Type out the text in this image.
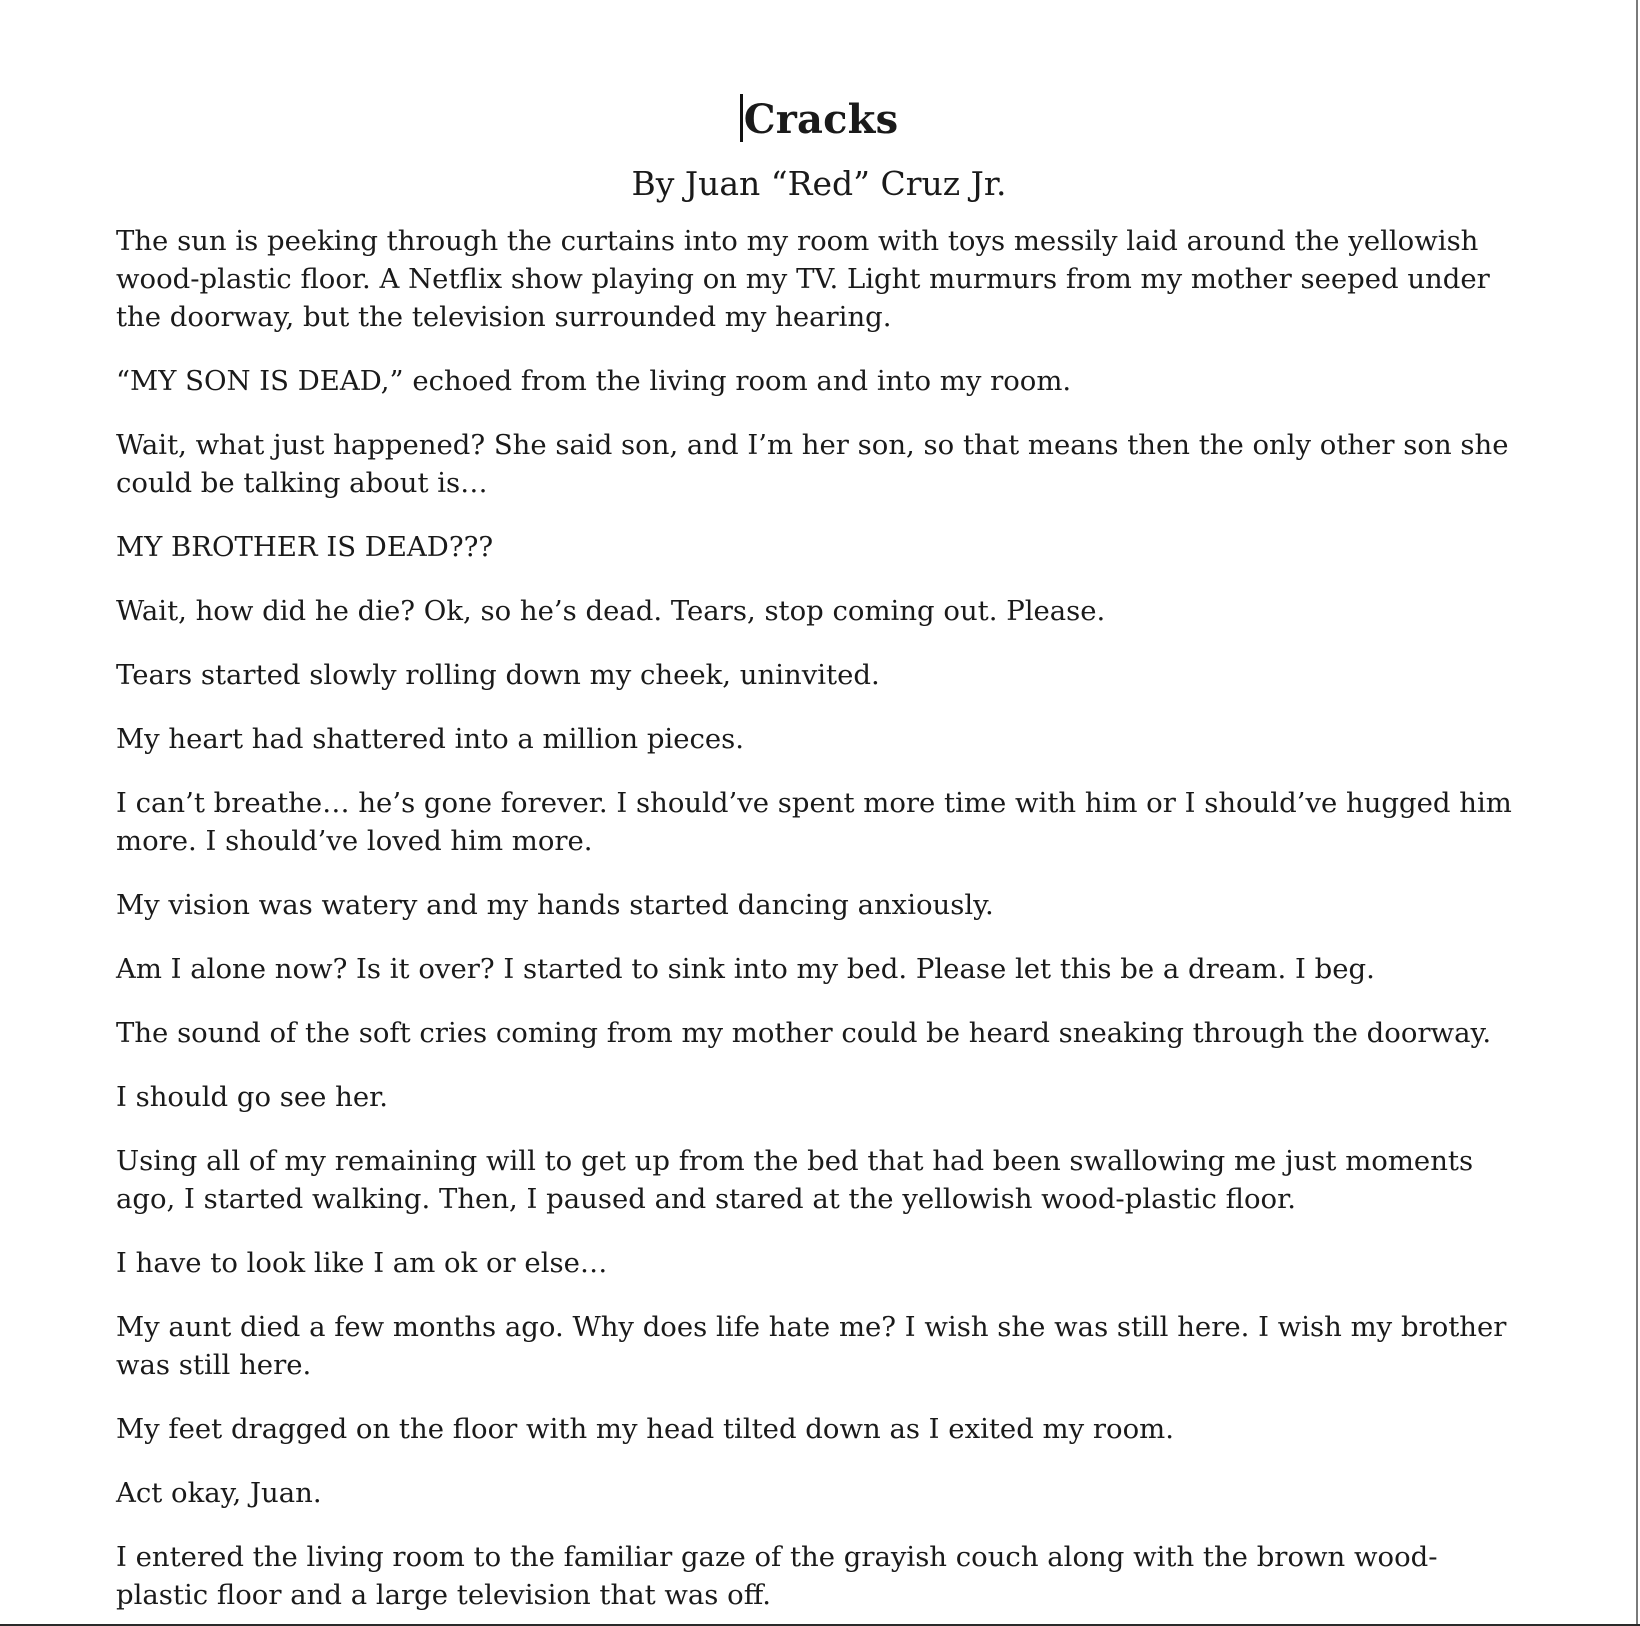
Cracks
By Juan “Red” Cruz Jr.

The sun is peeking through the curtains into my room with toys messily laid around the yellowish wood-plastic floor. A Netflix show playing on my TV. Light murmurs from my mother seeped under the doorway, but the television surrounded my hearing.

“MY SON IS DEAD,” echoed from the living room and into my room.

Wait, what just happened? She said son, and I’m her son, so that means then the only other son she could be talking about is…

MY BROTHER IS DEAD???

Wait, how did he die? Ok, so he’s dead. Tears, stop coming out. Please.

Tears started slowly rolling down my cheek, uninvited.

My heart had shattered into a million pieces.

I can’t breathe… he’s gone forever. I should’ve spent more time with him or I should’ve hugged him more. I should’ve loved him more.

My vision was watery and my hands started dancing anxiously.

Am I alone now? Is it over? I started to sink into my bed. Please let this be a dream. I beg.

The sound of the soft cries coming from my mother could be heard sneaking through the doorway.

I should go see her.

Using all of my remaining will to get up from the bed that had been swallowing me just moments ago, I started walking. Then, I paused and stared at the yellowish wood-plastic floor.

I have to look like I am ok or else…

My aunt died a few months ago. Why does life hate me? I wish she was still here. I wish my brother was still here.

My feet dragged on the floor with my head tilted down as I exited my room.

Act okay, Juan.

I entered the living room to the familiar gaze of the grayish couch along with the brown wood-plastic floor and a large television that was off.
